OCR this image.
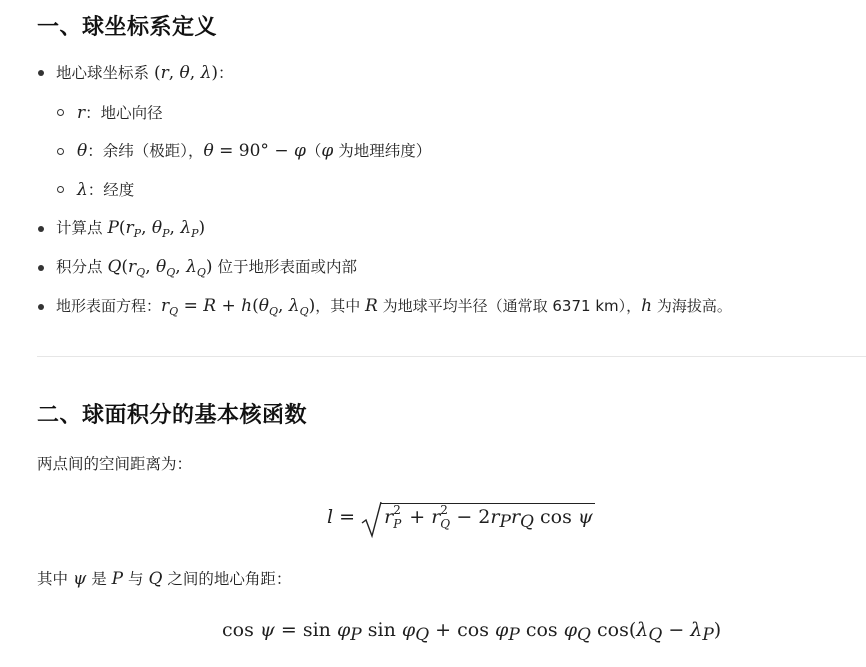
一、球坐标系定义
地心球坐标系 (r, θ, λ)：
r：地心向径
θ：余纬（极距），θ = 90° − φ（φ 为地理纬度）
λ：经度
计算点 $P(r_P$, $\theta_P$, $\lambda_P$)
积分点 $Q(r_Q$, $\theta_Q$, $\lambda_Q$) 位于地形表面或内部
地形表面方程：$r_Q = R + h(\theta_Q$, $\lambda_Q$)，其中 R 为地球平均半径（通常取 6371 km），h 为海拔高。
二、球面积分的基本核函数
两点间的空间距离为：
l = r 2
P + r 2
$Q - 2r_Pr_Q$ cos ψ
其中 ψ 是 P 与 Q 之间的地心角距：
$\cos \psi = \sin \varphi_P$ $\sin \varphi_Q + \cos \varphi_P$ $\cos \varphi_Q$ $\cos(\lambda_Q - \lambda_P)$
